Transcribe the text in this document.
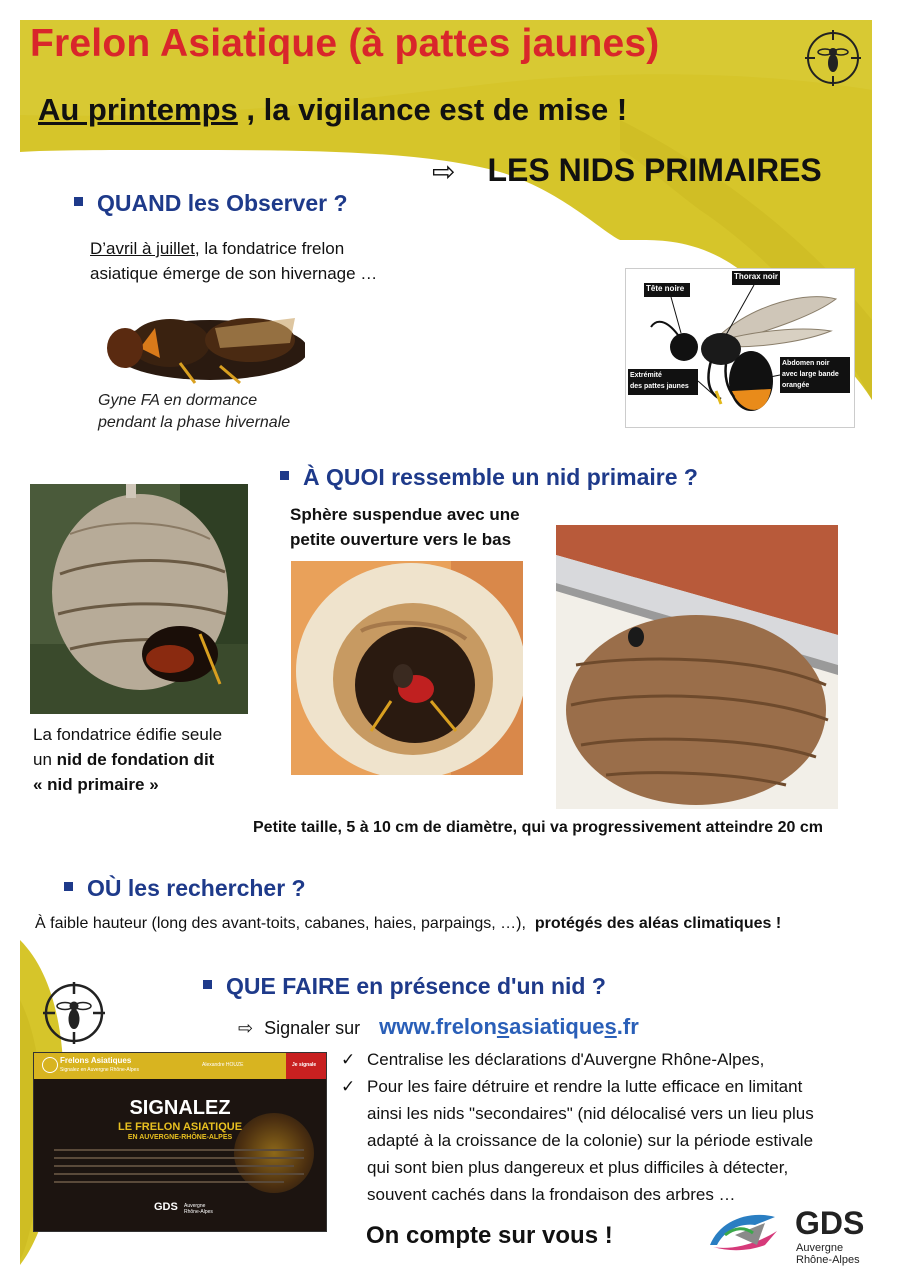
Frelon Asiatique (à pattes jaunes)
Au printemps , la vigilance est de mise !
⇨ LES NIDS PRIMAIRES
QUAND les Observer ?
D’avril à juillet, la fondatrice frelon
asiatique émerge de son hivernage …
Gyne FA en dormance
pendant la phase hivernale
Tête noire
Thorax noir
Extrémité
des pattes jaunes
Abdomen noir
avec large bande
orangée
À QUOI ressemble un nid primaire ?
Sphère suspendue avec une
petite ouverture vers le bas
La fondatrice édifie seule
un nid de fondation dit
« nid primaire »
Petite taille, 5 à 10 cm de diamètre, qui va progressivement atteindre 20 cm
OÙ les rechercher ?
À faible hauteur (long des avant-toits, cabanes, haies, parpaings, …), protégés des aléas climatiques !
QUE FAIRE en présence d'un nid ?
⇨ Signaler sur www.frelonsasiatiques.fr
Frelons Asiatiques
Signalez en Auvergne Rhône-Alpes
Alexandre HOUZE	Je signale
SIGNALEZ
LE FRELON ASIATIQUE
EN AUVERGNE-RHÔNE-ALPES
GDS Auvergne
Rhône-Alpes
✓ Centralise les déclarations d'Auvergne Rhône-Alpes,
✓ Pour les faire détruire et rendre la lutte efficace en limitant
ainsi les nids "secondaires" (nid délocalisé vers un lieu plus
adapté à la croissance de la colonie) sur la période estivale
qui sont bien plus dangereux et plus difficiles à détecter,
souvent cachés dans la frondaison des arbres …
On compte sur vous !	GDS
Auvergne
Rhône-Alpes
